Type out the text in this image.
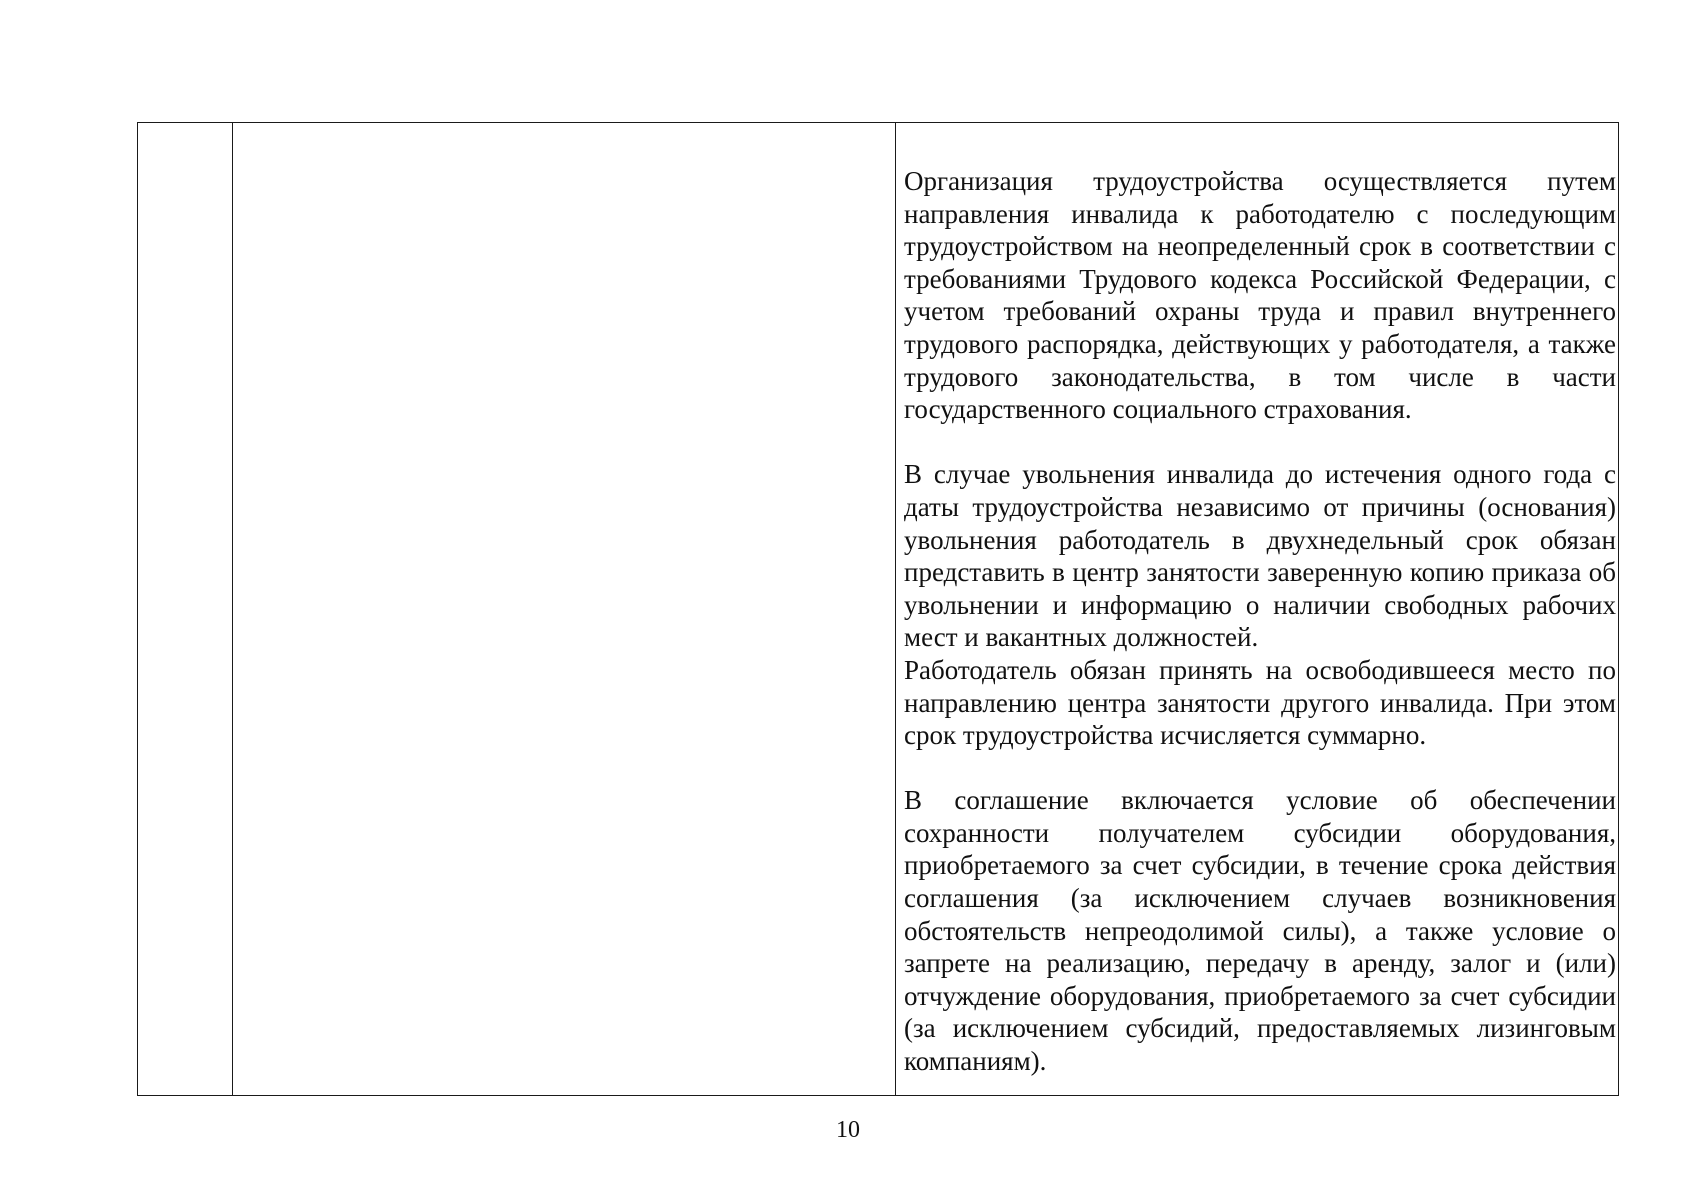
Организация трудоустройства осуществляется путем направления инвалида к работодателю с последующим трудоустройством на неопределенный срок в соответствии с требованиями Трудового кодекса Российской Федерации, с учетом требований охраны труда и правил внутреннего трудового распорядка, действующих у работодателя, а также трудового законодательства, в том числе в части государственного социального страхования.

В случае увольнения инвалида до истечения одного года с даты трудоустройства независимо от причины (основания) увольнения работодатель в двухнедельный срок обязан представить в центр занятости заверенную копию приказа об увольнении и информацию о наличии свободных рабочих мест и вакантных должностей.

Работодатель обязан принять на освободившееся место по направлению центра занятости другого инвалида. При этом срок трудоустройства исчисляется суммарно.

В соглашение включается условие об обеспечении сохранности получателем субсидии оборудования, приобретаемого за счет субсидии, в течение срока действия соглашения (за исключением случаев возникновения обстоятельств непреодолимой силы), а также условие о запрете на реализацию, передачу в аренду, залог и (или) отчуждение оборудования, приобретаемого за счет субсидии (за исключением субсидий, предоставляемых лизинговым компаниям).

10
